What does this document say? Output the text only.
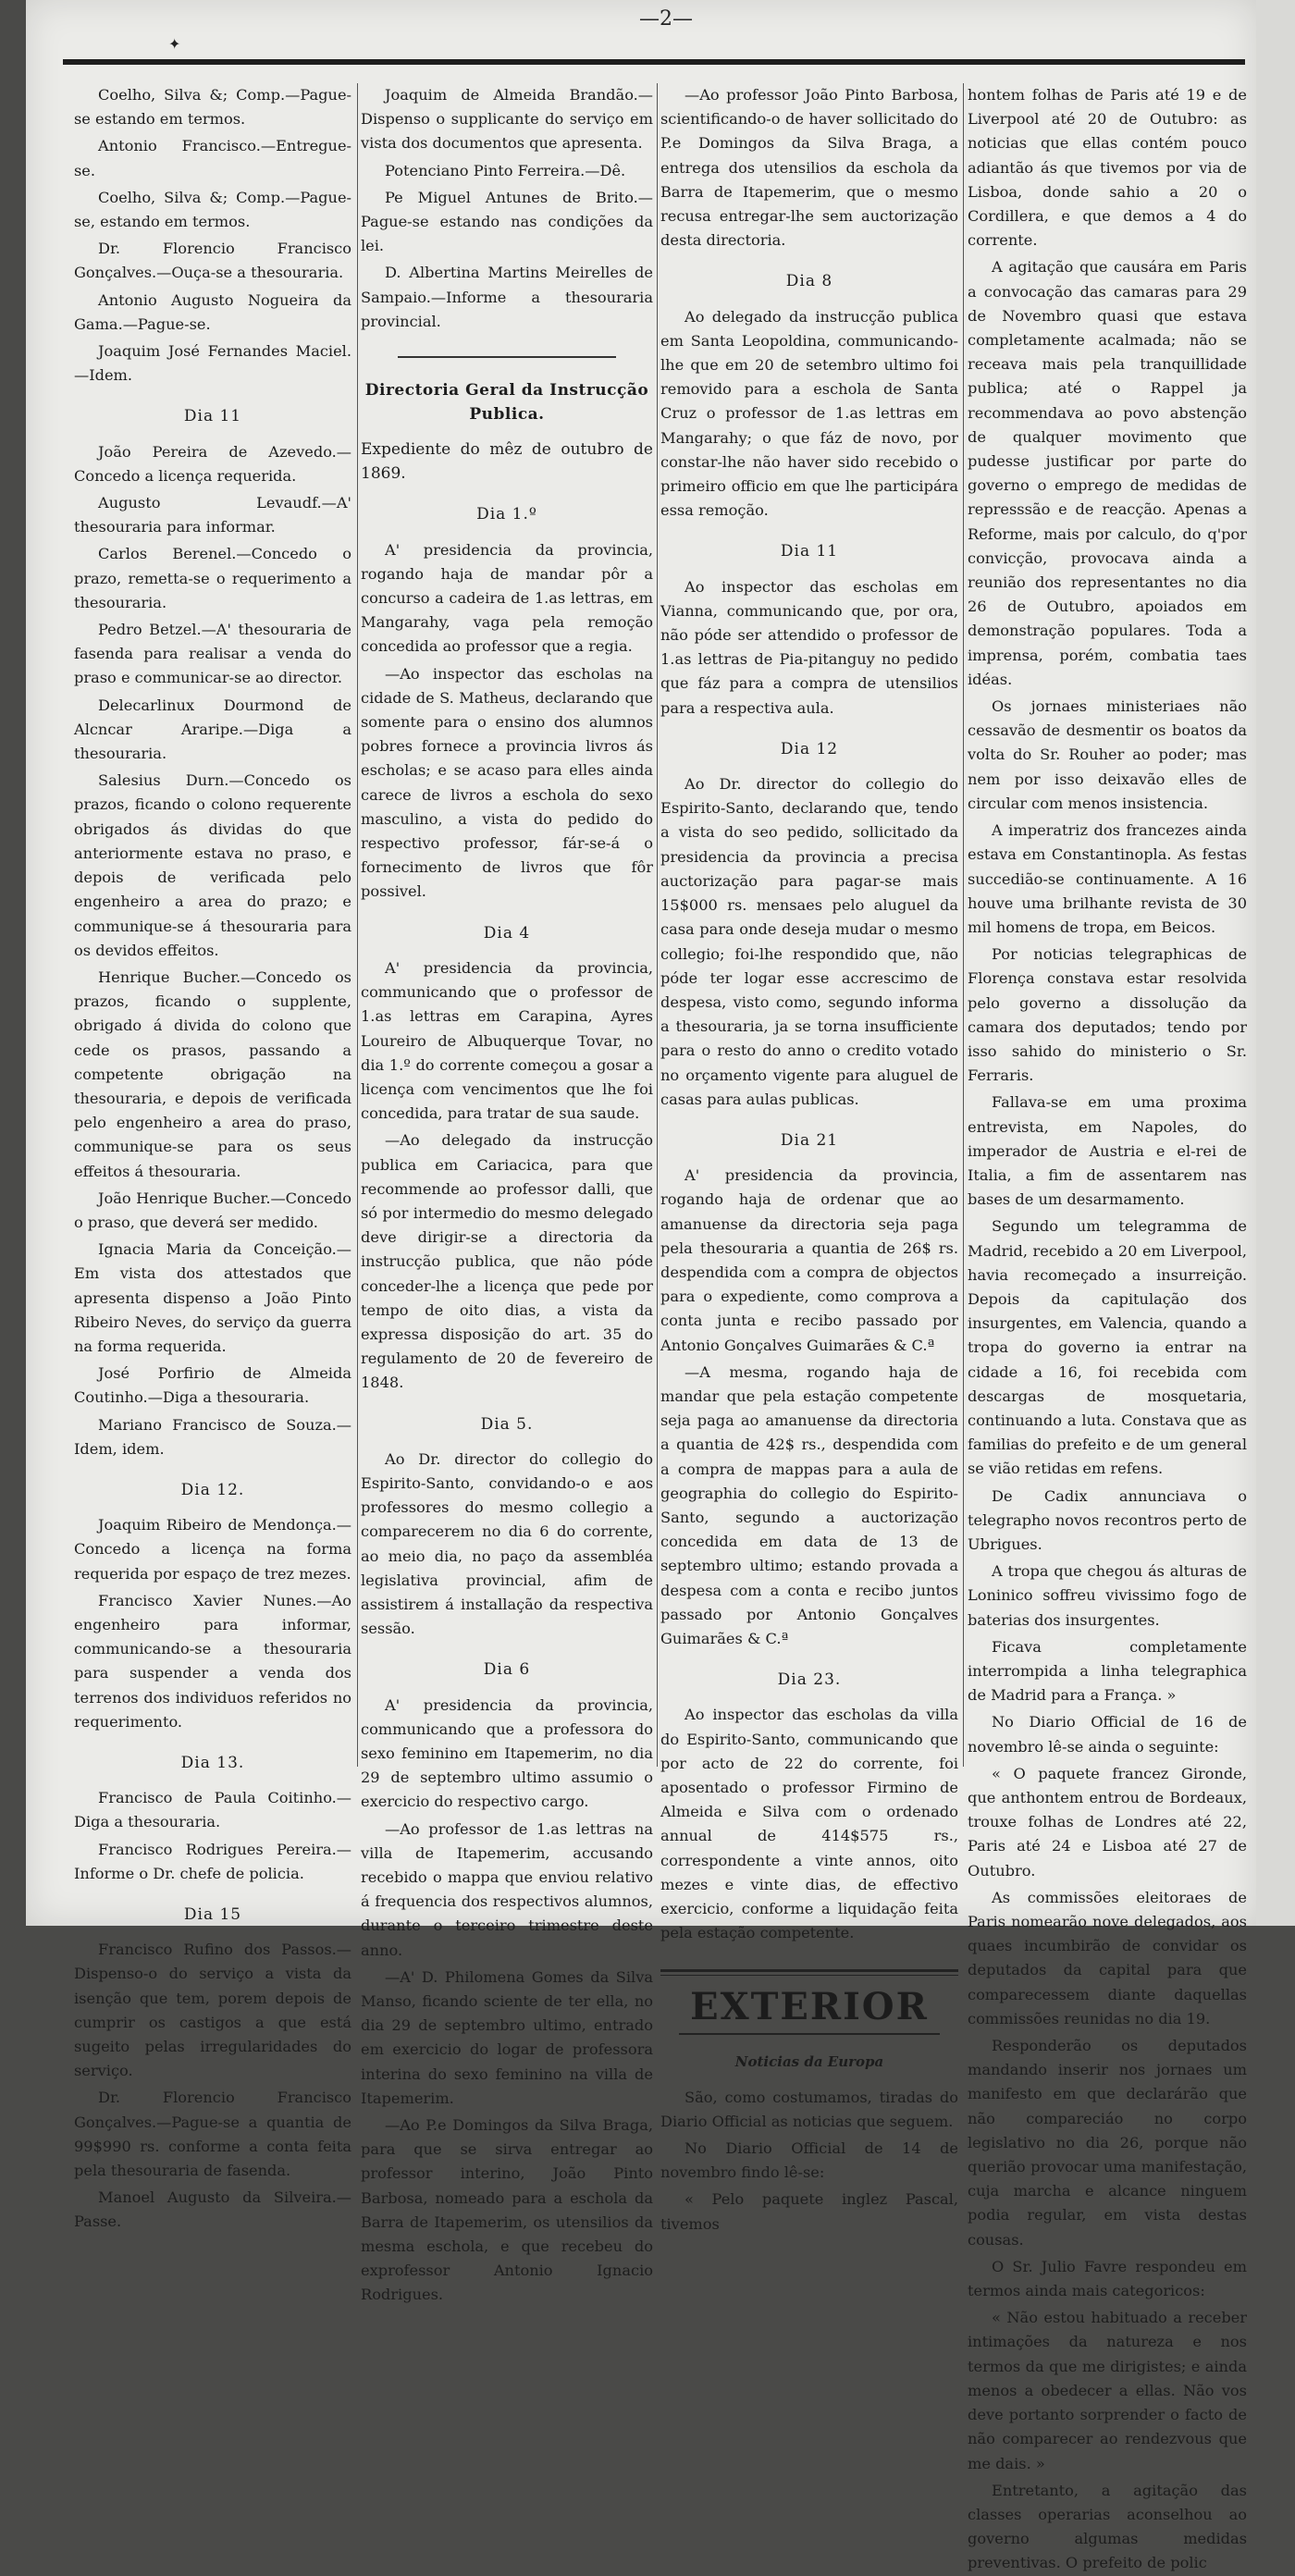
—2—
✦

Coelho, Silva &; Comp.—Pague-se estando em termos.

Antonio Francisco.—Entregue-se.

Coelho, Silva &; Comp.—Pague-se, estando em termos.

Dr. Florencio Francisco Gonçalves.—Ouça-se a thesouraria.

Antonio Augusto Nogueira da Gama.—Pague-se.

Joaquim José Fernandes Maciel.—Idem.

Dia 11

João Pereira de Azevedo.—Concedo a licença requerida.

Augusto Levaudf.—A' thesouraria para informar.

Carlos Berenel.—Concedo o prazo, remetta-se o requerimento a thesouraria.

Pedro Betzel.—A' thesouraria de fasenda para realisar a venda do praso e communicar-se ao director.

Delecarlinux Dourmond de Alcncar Araripe.—Diga a thesouraria.

Salesius Durn.—Concedo os prazos, ficando o colono requerente obrigados ás dividas do que anteriormente estava no praso, e depois de verificada pelo engenheiro a area do prazo; e communique-se á thesouraria para os devidos effeitos.

Henrique Bucher.—Concedo os prazos, ficando o supplente, obrigado á divida do colono que cede os prasos, passando a competente obrigação na thesouraria, e depois de verificada pelo engenheiro a area do praso, communique-se para os seus effeitos á thesouraria.

João Henrique Bucher.—Concedo o praso, que deverá ser medido.

Ignacia Maria da Conceição.—Em vista dos attestados que apresenta dispenso a João Pinto Ribeiro Neves, do serviço da guerra na forma requerida.

José Porfirio de Almeida Coutinho.—Diga a thesouraria.

Mariano Francisco de Souza.—Idem, idem.

Dia 12.

Joaquim Ribeiro de Mendonça.—Concedo a licença na forma requerida por espaço de trez mezes.

Francisco Xavier Nunes.—Ao engenheiro para informar, communicando-se a thesouraria para suspender a venda dos terrenos dos individuos referidos no requerimento.

Dia 13.

Francisco de Paula Coitinho.—Diga a thesouraria.

Francisco Rodrigues Pereira.—Informe o Dr. chefe de policia.

Dia 15

Francisco Rufino dos Passos.—Dispenso-o do serviço a vista da isenção que tem, porem depois de cumprir os castigos a que está sugeito pelas irregularidades do serviço.

Dr. Florencio Francisco Gonçalves.—Pague-se a quantia de 99$990 rs. conforme a conta feita pela thesouraria de fasenda.

Manoel Augusto da Silveira.—Passe.

Joaquim de Almeida Brandão.—Dispenso o supplicante do serviço em vista dos documentos que apresenta.

Potenciano Pinto Ferreira.—Dê.

Pe Miguel Antunes de Brito.—Pague-se estando nas condições da lei.

D. Albertina Martins Meirelles de Sampaio.—Informe a thesouraria provincial.

Directoria Geral da Instrucção Publica.

Expediente do mêz de outubro de 1869.

Dia 1.º

A' presidencia da provincia, rogando haja de mandar pôr a concurso a cadeira de 1.as lettras, em Mangarahy, vaga pela remoção concedida ao professor que a regia.

—Ao inspector das escholas na cidade de S. Matheus, declarando que somente para o ensino dos alumnos pobres fornece a provincia livros ás escholas; e se acaso para elles ainda carece de livros a eschola do sexo masculino, a vista do pedido do respectivo professor, fár-se-á o fornecimento de livros que fôr possivel.

Dia 4

A' presidencia da provincia, communicando que o professor de 1.as lettras em Carapina, Ayres Loureiro de Albuquerque Tovar, no dia 1.º do corrente começou a gosar a licença com vencimentos que lhe foi concedida, para tratar de sua saude.

—Ao delegado da instrucção publica em Cariacica, para que recommende ao professor dalli, que só por intermedio do mesmo delegado deve dirigir-se a directoria da instrucção publica, que não póde conceder-lhe a licença que pede por tempo de oito dias, a vista da expressa disposição do art. 35 do regulamento de 20 de fevereiro de 1848.

Dia 5.

Ao Dr. director do collegio do Espirito-Santo, convidando-o e aos professores do mesmo collegio a comparecerem no dia 6 do corrente, ao meio dia, no paço da assembléa legislativa provincial, afim de assistirem á installação da respectiva sessão.

Dia 6

A' presidencia da provincia, communicando que a professora do sexo feminino em Itapemerim, no dia 29 de septembro ultimo assumio o exercicio do respectivo cargo.

—Ao professor de 1.as lettras na villa de Itapemerim, accusando recebido o mappa que enviou relativo á frequencia dos respectivos alumnos, durante o terceiro trimestre deste anno.

—A' D. Philomena Gomes da Silva Manso, ficando sciente de ter ella, no dia 29 de septembro ultimo, entrado em exercicio do logar de professora interina do sexo feminino na villa de Itapemerim.

—Ao P.e Domingos da Silva Braga, para que se sirva entregar ao professor interino, João Pinto Barbosa, nomeado para a eschola da Barra de Itapemerim, os utensilios da mesma eschola, e que recebeu do exprofessor Antonio Ignacio Rodrigues.

—Ao professor João Pinto Barbosa, scientificando-o de haver sollicitado do P.e Domingos da Silva Braga, a entrega dos utensilios da eschola da Barra de Itapemerim, que o mesmo recusa entregar-lhe sem auctorização desta directoria.

Dia 8

Ao delegado da instrucção publica em Santa Leopoldina, communicando-lhe que em 20 de setembro ultimo foi removido para a eschola de Santa Cruz o professor de 1.as lettras em Mangarahy; o que fáz de novo, por constar-lhe não haver sido recebido o primeiro officio em que lhe participára essa remoção.

Dia 11

Ao inspector das escholas em Vianna, communicando que, por ora, não póde ser attendido o professor de 1.as lettras de Pia-pitanguy no pedido que fáz para a compra de utensilios para a respectiva aula.

Dia 12

Ao Dr. director do collegio do Espirito-Santo, declarando que, tendo a vista do seo pedido, sollicitado da presidencia da provincia a precisa auctorização para pagar-se mais 15$000 rs. mensaes pelo aluguel da casa para onde deseja mudar o mesmo collegio; foi-lhe respondido que, não póde ter logar esse accrescimo de despesa, visto como, segundo informa a thesouraria, ja se torna insufficiente para o resto do anno o credito votado no orçamento vigente para aluguel de casas para aulas publicas.

Dia 21

A' presidencia da provincia, rogando haja de ordenar que ao amanuense da directoria seja paga pela thesouraria a quantia de 26$ rs. despendida com a compra de objectos para o expediente, como comprova a conta junta e recibo passado por Antonio Gonçalves Guimarães & C.ª

—A mesma, rogando haja de mandar que pela estação competente seja paga ao amanuense da directoria a quantia de 42$ rs., despendida com a compra de mappas para a aula de geographia do collegio do Espirito-Santo, segundo a auctorização concedida em data de 13 de septembro ultimo; estando provada a despesa com a conta e recibo juntos passado por Antonio Gonçalves Guimarães & C.ª

Dia 23.

Ao inspector das escholas da villa do Espirito-Santo, communicando que por acto de 22 do corrente, foi aposentado o professor Firmino de Almeida e Silva com o ordenado annual de 414$575 rs., correspondente a vinte annos, oito mezes e vinte dias, de effectivo exercicio, conforme a liquidação feita pela estação competente.

EXTERIOR
Noticias da Europa

São, como costumamos, tiradas do Diario Official as noticias que seguem.

No Diario Official de 14 de novembro findo lê-se:

« Pelo paquete inglez Pascal, tivemos

hontem folhas de Paris até 19 e de Liverpool até 20 de Outubro: as noticias que ellas contém pouco adiantão ás que tivemos por via de Lisboa, donde sahio a 20 o Cordillera, e que demos a 4 do corrente.

A agitação que causára em Paris a convocação das camaras para 29 de Novembro quasi que estava completamente acalmada; não se receava mais pela tranquillidade publica; até o Rappel ja recommendava ao povo abstenção de qualquer movimento que pudesse justificar por parte do governo o emprego de medidas de represssão e de reacção. Apenas a Reforme, mais por calculo, do q'por convicção, provocava ainda a reunião dos representantes no dia 26 de Outubro, apoiados em demonstração populares. Toda a imprensa, porém, combatia taes idéas.

Os jornaes ministeriaes não cessavão de desmentir os boatos da volta do Sr. Rouher ao poder; mas nem por isso deixavão elles de circular com menos insistencia.

A imperatriz dos francezes ainda estava em Constantinopla. As festas succedião-se continuamente. A 16 houve uma brilhante revista de 30 mil homens de tropa, em Beicos.

Por noticias telegraphicas de Florença constava estar resolvida pelo governo a dissolução da camara dos deputados; tendo por isso sahido do ministerio o Sr. Ferraris.

Fallava-se em uma proxima entrevista, em Napoles, do imperador de Austria e el-rei de Italia, a fim de assentarem nas bases de um desarmamento.

Segundo um telegramma de Madrid, recebido a 20 em Liverpool, havia recomeçado a insurreição. Depois da capitulação dos insurgentes, em Valencia, quando a tropa do governo ia entrar na cidade a 16, foi recebida com descargas de mosquetaria, continuando a luta. Constava que as familias do prefeito e de um general se vião retidas em refens.

De Cadix annunciava o telegrapho novos recontros perto de Ubrigues.

A tropa que chegou ás alturas de Loninico soffreu vivissimo fogo de baterias dos insurgentes.

Ficava completamente interrompida a linha telegraphica de Madrid para a França. »

No Diario Official de 16 de novembro lê-se ainda o seguinte:

« O paquete francez Gironde, que anthontem entrou de Bordeaux, trouxe folhas de Londres até 22, Paris até 24 e Lisboa até 27 de Outubro.

As commissões eleitoraes de Paris nomearão nove delegados, aos quaes incumbirão de convidar os deputados da capital para que comparecessem diante daquellas commissões reunidas no dia 19.

Responderão os deputados mandando inserir nos jornaes um manifesto em que declarárão que não compareciáo no corpo legislativo no dia 26, porque não querião provocar uma manifestação, cuja marcha e alcance ninguem podia regular, em vista destas cousas.

O Sr. Julio Favre respondeu em termos ainda mais categoricos:

« Não estou habituado a receber intimações da natureza e nos termos da que me dirigistes; e ainda menos a obedecer a ellas. Não vos deve portanto sorprender o facto de não comparecer ao rendezvous que me dais. »

Entretanto, a agitação das classes operarias aconselhou ao governo algumas medidas preventivas. O prefeito de polic
